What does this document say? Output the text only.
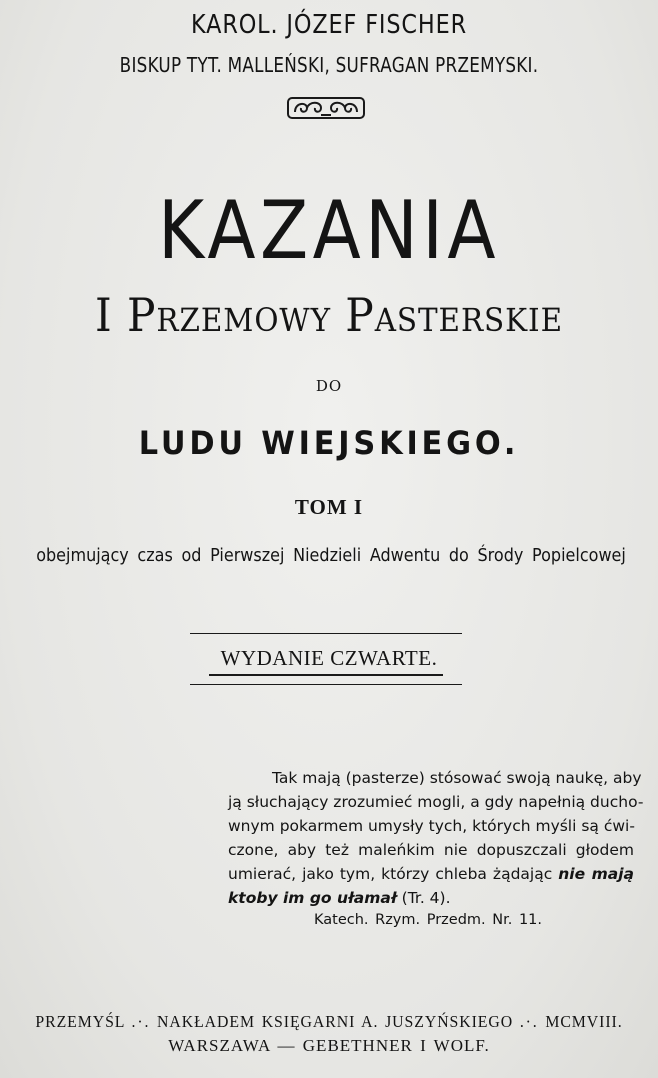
KAROL. JÓZEF FISCHER
BISKUP TYT. MALLEŃSKI, SUFRAGAN PRZEMYSKI.
KAZANIA
I Przemowy Pasterskie
do
LUDU WIEJSKIEGO.
TOM I
obejmujący czas od Pierwszej Niedzieli Adwentu do Środy Popielcowej
WYDANIE CZWARTE.
Tak mają (pasterze) stósować swoją naukę, aby
ją słuchający zrozumieć mogli, a gdy napełnią ducho-
wnym pokarmem umysły tych, których myśli są ćwi-
czone, aby też maleńkim nie dopuszczali głodem
umierać, jako tym, którzy chleba żądając nie mają
ktoby im go ułamał (Tr. 4).
Katech. Rzym. Przedm. Nr. 11.
PRZEMYŚL .·. NAKŁADEM KSIĘGARNI A. JUSZYŃSKIEGO .·. MCMVIII.
WARSZAWA — GEBETHNER I WOLF.
